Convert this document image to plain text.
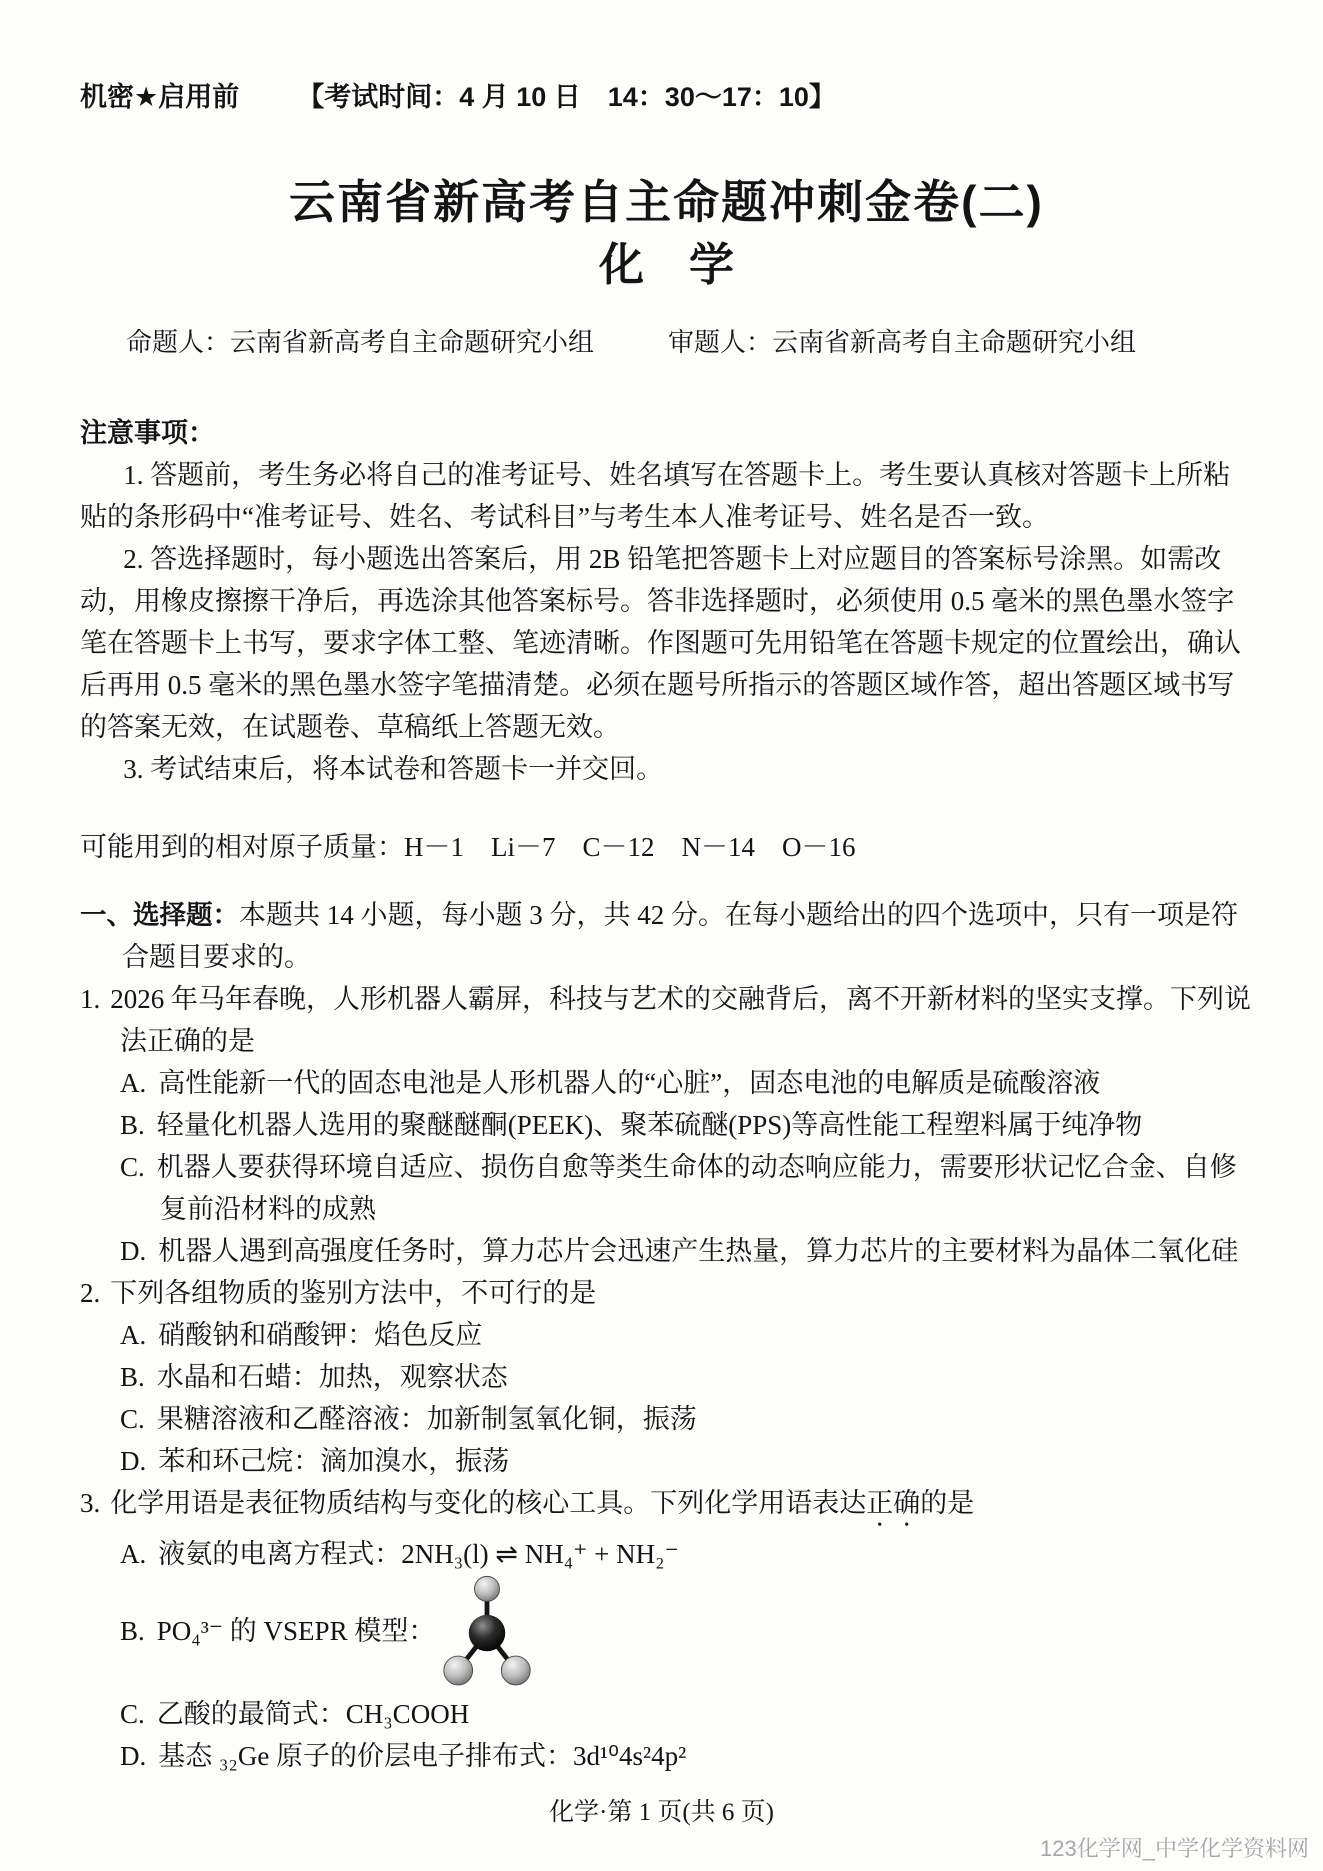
机密★启用前 【考试时间：4 月 10 日　14：30～17：10】
云南省新高考自主命题冲刺金卷(二)
化　学
命题人：云南省新高考自主命题研究小组	审题人：云南省新高考自主命题研究小组
注意事项：
1. 答题前，考生务必将自己的准考证号、姓名填写在答题卡上。考生要认真核对答题卡上所粘贴的条形码中“准考证号、姓名、考试科目”与考生本人准考证号、姓名是否一致。
2. 答选择题时，每小题选出答案后，用 2B 铅笔把答题卡上对应题目的答案标号涂黑。如需改动，用橡皮擦擦干净后，再选涂其他答案标号。答非选择题时，必须使用 0.5 毫米的黑色墨水签字笔在答题卡上书写，要求字体工整、笔迹清晰。作图题可先用铅笔在答题卡规定的位置绘出，确认后再用 0.5 毫米的黑色墨水签字笔描清楚。必须在题号所指示的答题区域作答，超出答题区域书写的答案无效，在试题卷、草稿纸上答题无效。
3. 考试结束后，将本试卷和答题卡一并交回。
可能用到的相对原子质量：H－1　Li－7　C－12　N－14　O－16
一、选择题：本题共 14 小题，每小题 3 分，共 42 分。在每小题给出的四个选项中，只有一项是符合题目要求的。
1. 2026 年马年春晚，人形机器人霸屏，科技与艺术的交融背后，离不开新材料的坚实支撑。下列说法正确的是
A. 高性能新一代的固态电池是人形机器人的“心脏”，固态电池的电解质是硫酸溶液
B. 轻量化机器人选用的聚醚醚酮(PEEK)、聚苯硫醚(PPS)等高性能工程塑料属于纯净物
C. 机器人要获得环境自适应、损伤自愈等类生命体的动态响应能力，需要形状记忆合金、自修复前沿材料的成熟
D. 机器人遇到高强度任务时，算力芯片会迅速产生热量，算力芯片的主要材料为晶体二氧化硅
2. 下列各组物质的鉴别方法中，不可行的是
A. 硝酸钠和硝酸钾：焰色反应
B. 水晶和石蜡：加热，观察状态
C. 果糖溶液和乙醛溶液：加新制氢氧化铜，振荡
D. 苯和环己烷：滴加溴水，振荡
3. 化学用语是表征物质结构与变化的核心工具。下列化学用语表达正确的是
A. 液氨的电离方程式：2NH₃(l) ⇌ NH₄⁺ + NH₂⁻
B. PO₄³⁻ 的 VSEPR 模型：
C. 乙酸的最简式：CH₃COOH
D. 基态 ₃₂Ge 原子的价层电子排布式：3d¹⁰4s²4p²
化学·第 1 页(共 6 页)
123化学网_中学化学资料网
